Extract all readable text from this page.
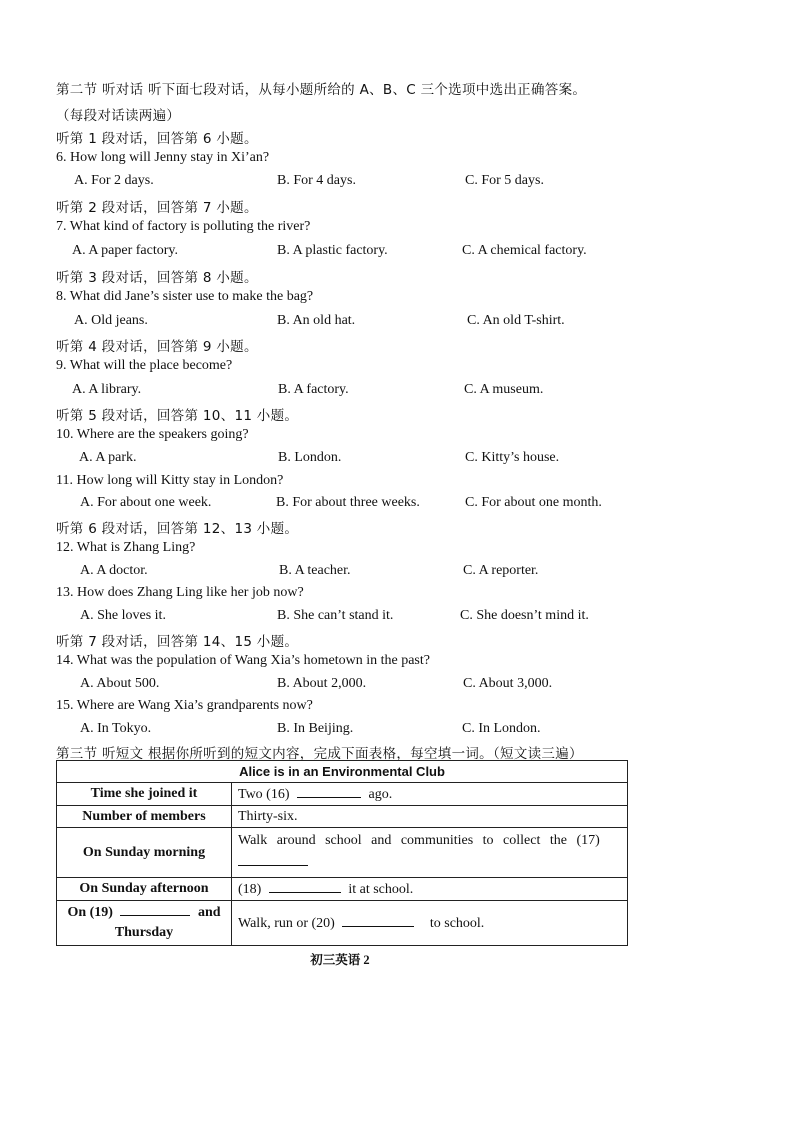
第二节 听对话 听下面七段对话，从每小题所给的 A、B、C 三个选项中选出正确答案。
（每段对话读两遍）
听第 1 段对话，回答第 6 小题。
6. How long will Jenny stay in Xi’an?
A. For 2 days.	B. For 4 days.	C. For 5 days.
听第 2 段对话，回答第 7 小题。
7. What kind of factory is polluting the river?
A. A paper factory.	B. A plastic factory.	C. A chemical factory.
听第 3 段对话，回答第 8 小题。
8. What did Jane’s sister use to make the bag?
A. Old jeans.	B. An old hat.	C. An old T-shirt.
听第 4 段对话，回答第 9 小题。
9. What will the place become?
A. A library.	B. A factory.	C. A museum.
听第 5 段对话，回答第 10、11 小题。
10. Where are the speakers going?
A. A park.	B. London.	C. Kitty’s house.
11. How long will Kitty stay in London?
A. For about one week.	B. For about three weeks.	C. For about one month.
听第 6 段对话，回答第 12、13 小题。
12. What is Zhang Ling?
A. A doctor.	B. A teacher.	C. A reporter.
13. How does Zhang Ling like her job now?
A. She loves it.	B. She can’t stand it.	C. She doesn’t mind it.
听第 7 段对话，回答第 14、15 小题。
14. What was the population of Wang Xia’s hometown in the past?
A. About 500.	B. About 2,000.	C. About 3,000.
15. Where are Wang Xia’s grandparents now?
A. In Tokyo.	B. In Beijing.	C. In London.
第三节 听短文 根据你所听到的短文内容，完成下面表格，每空填一词。（短文读三遍）
Alice is in an Environmental Club	
Time she joined it	Two (16) ago.
Number of members	Thirty-six.
On Sunday morning	Walk around school and communities to collect the (17)

On Sunday afternoon	(18) it at school.
On (19) and
Thursday	Walk, run or (20) to school.
初三英语 2
